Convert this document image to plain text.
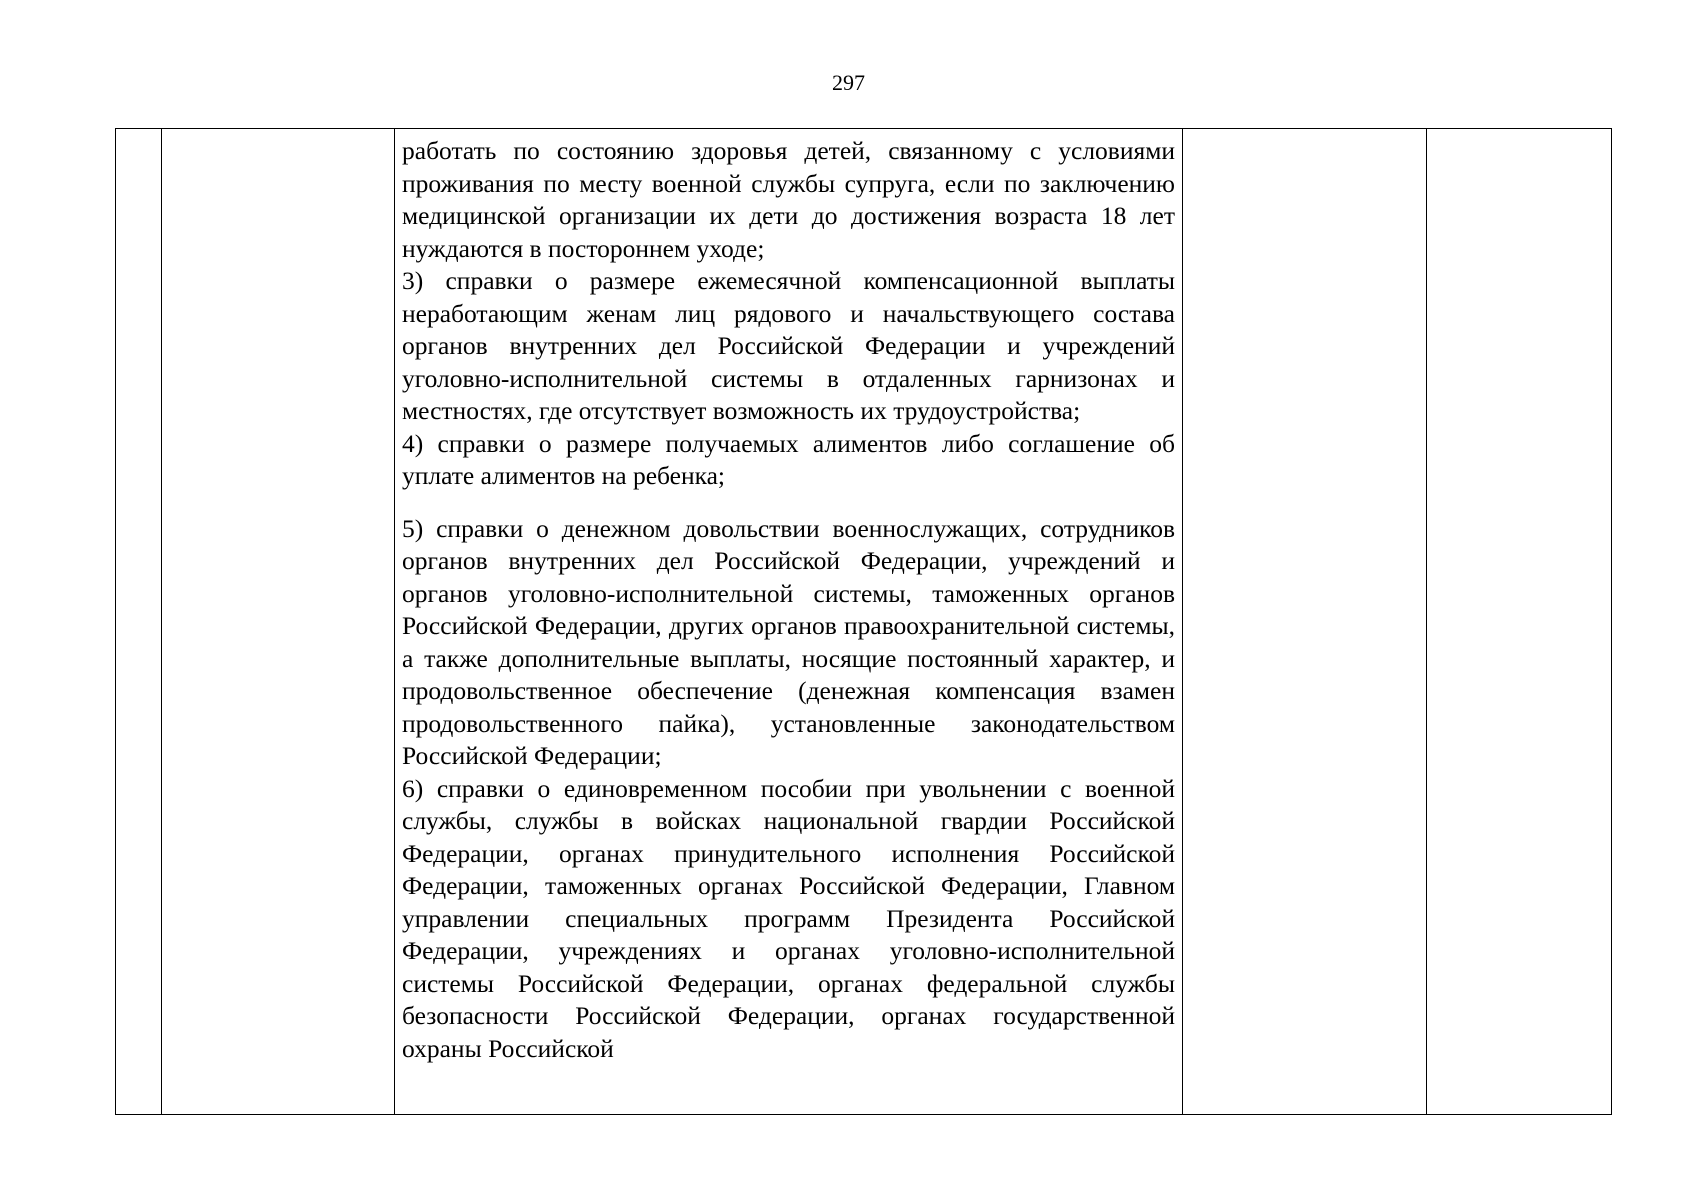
297

работать по состоянию здоровья детей, связанному с условиями проживания по месту военной службы супруга, если по заключению медицинской организации их дети до достижения возраста 18 лет нуждаются в постороннем уходе;

3) справки о размере ежемесячной компенсационной выплаты неработающим женам лиц рядового и начальствующего состава органов внутренних дел Российской Федерации и учреждений уголовно-исполнительной системы в отдаленных гарнизонах и местностях, где отсутствует возможность их трудоустройства;

4) справки о размере получаемых алиментов либо соглашение об уплате алиментов на ребенка;

5) справки о денежном довольствии военнослужащих, сотрудников органов внутренних дел Российской Федерации, учреждений и органов уголовно-исполнительной системы, таможенных органов Российской Федерации, других органов правоохранительной системы, а также дополнительные выплаты, носящие постоянный характер, и продовольственное обеспечение (денежная компенсация взамен продовольственного пайка), установленные законодательством Российской Федерации;

6) справки о единовременном пособии при увольнении с военной службы, службы в войсках национальной гвардии Российской Федерации, органах принудительного исполнения Российской Федерации, таможенных органах Российской Федерации, Главном управлении специальных программ Президента Российской Федерации, учреждениях и органах уголовно-исполнительной системы Российской Федерации, органах федеральной службы безопасности Российской Федерации, органах государственной охраны Российской
